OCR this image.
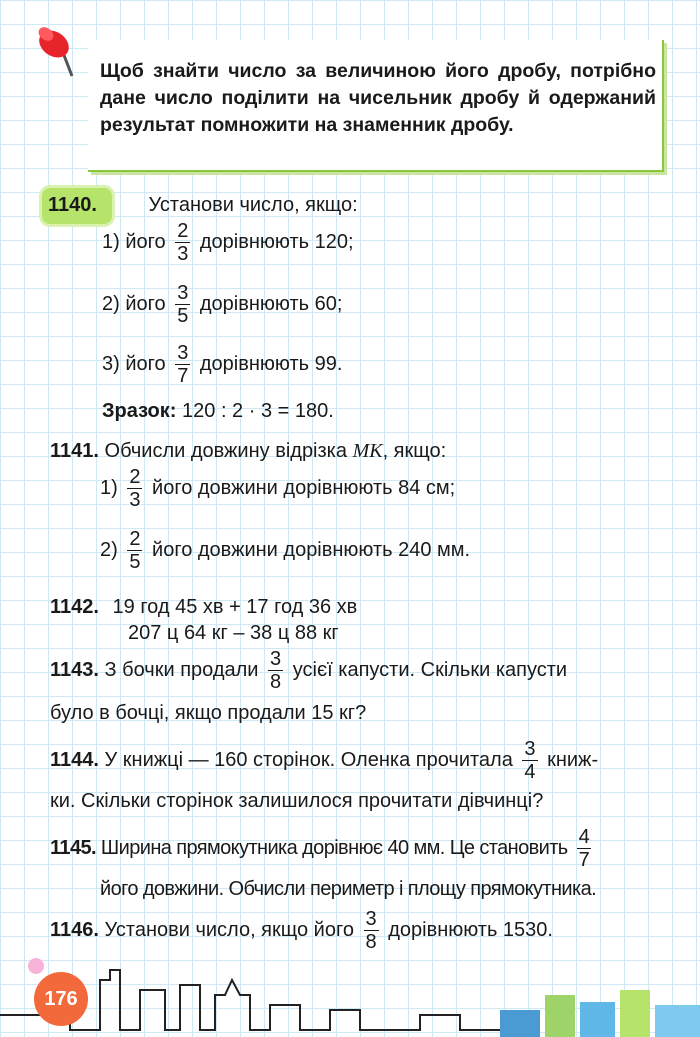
Щоб знайти число за величиною його дробу, потрібно дане число поділити на чисельник дробу й одержаний результат помножити на знаменник дробу.
1140.	Установи число, якщо:
1) його $\frac{2}{3}$ дорівнюють 120;
2) його $\frac{3}{5}$ дорівнюють 60;
3) його $\frac{3}{7}$ дорівнюють 99.
Зразок: 120 : 2 · 3 = 180.
1141. Обчисли довжину відрізка MK, якщо:
$1) \frac{2}{3}$ його довжини дорівнюють 84 см;
$2) \frac{2}{5}$ його довжини дорівнюють 240 мм.
1142. 19 год 45 хв + 17 год 36 хв
207 ц 64 кг – 38 ц 88 кг
1143. З бочки продали $\frac{3}{8}$ усієї капусти. Скільки капусти
було в бочці, якщо продали 15 кг?
1144. У книжці — 160 сторінок. Оленка прочитала $\frac{3}{4}$ книж-
ки. Скільки сторінок залишилося прочитати дівчинці?
1145. Ширина прямокутника дорівнює 40 мм. Це становить $\frac{4}{7}$
його довжини. Обчисли периметр і площу прямокутника.
1146. Установи число, якщо його $\frac{3}{8}$ дорівнюють 1530.
176
